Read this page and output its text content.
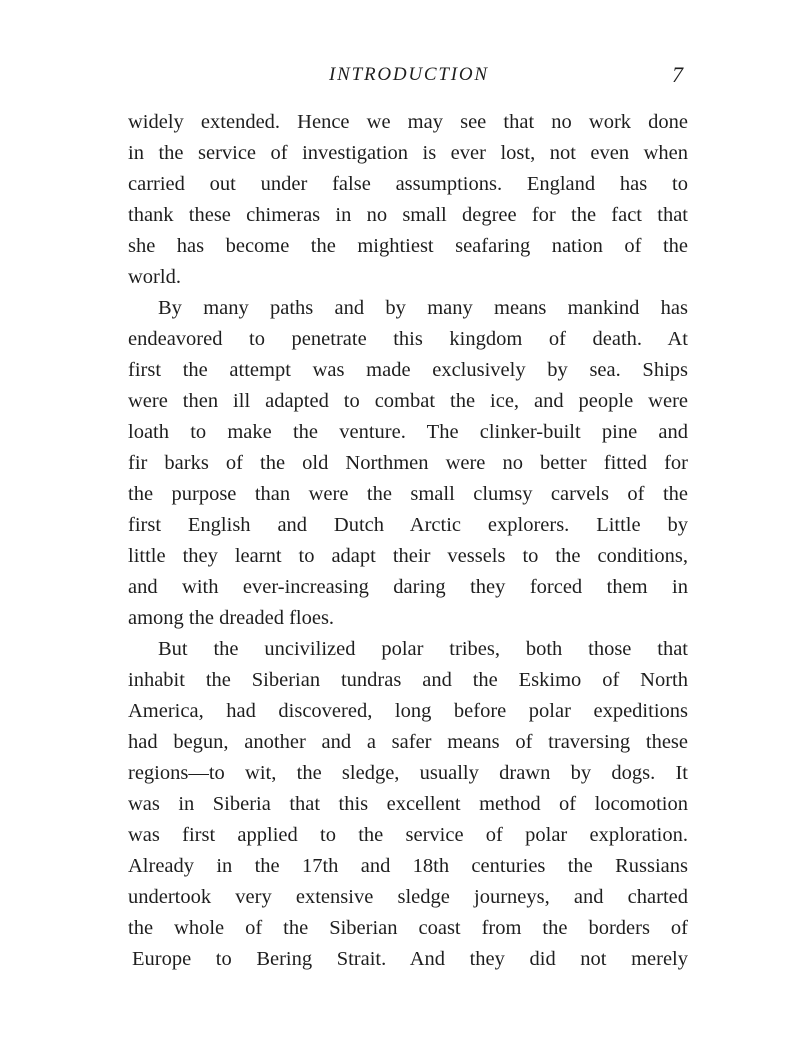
INTRODUCTION	7
widely extended. Hence we may see that no work done
in the service of investigation is ever lost, not even when
carried out under false assumptions. England has to
thank these chimeras in no small degree for the fact that
she has become the mightiest seafaring nation of the
world.
By many paths and by many means mankind has
endeavored to penetrate this kingdom of death. At
first the attempt was made exclusively by sea. Ships
were then ill adapted to combat the ice, and people were
loath to make the venture. The clinker-built pine and
fir barks of the old Northmen were no better fitted for
the purpose than were the small clumsy carvels of the
first English and Dutch Arctic explorers. Little by
little they learnt to adapt their vessels to the conditions,
and with ever-increasing daring they forced them in
among the dreaded floes.
But the uncivilized polar tribes, both those that
inhabit the Siberian tundras and the Eskimo of North
America, had discovered, long before polar expeditions
had begun, another and a safer means of traversing these
regions—to wit, the sledge, usually drawn by dogs. It
was in Siberia that this excellent method of locomotion
was first applied to the service of polar exploration.
Already in the 17th and 18th centuries the Russians
undertook very extensive sledge journeys, and charted
the whole of the Siberian coast from the borders of
Europe to Bering Strait. And they did not merely
